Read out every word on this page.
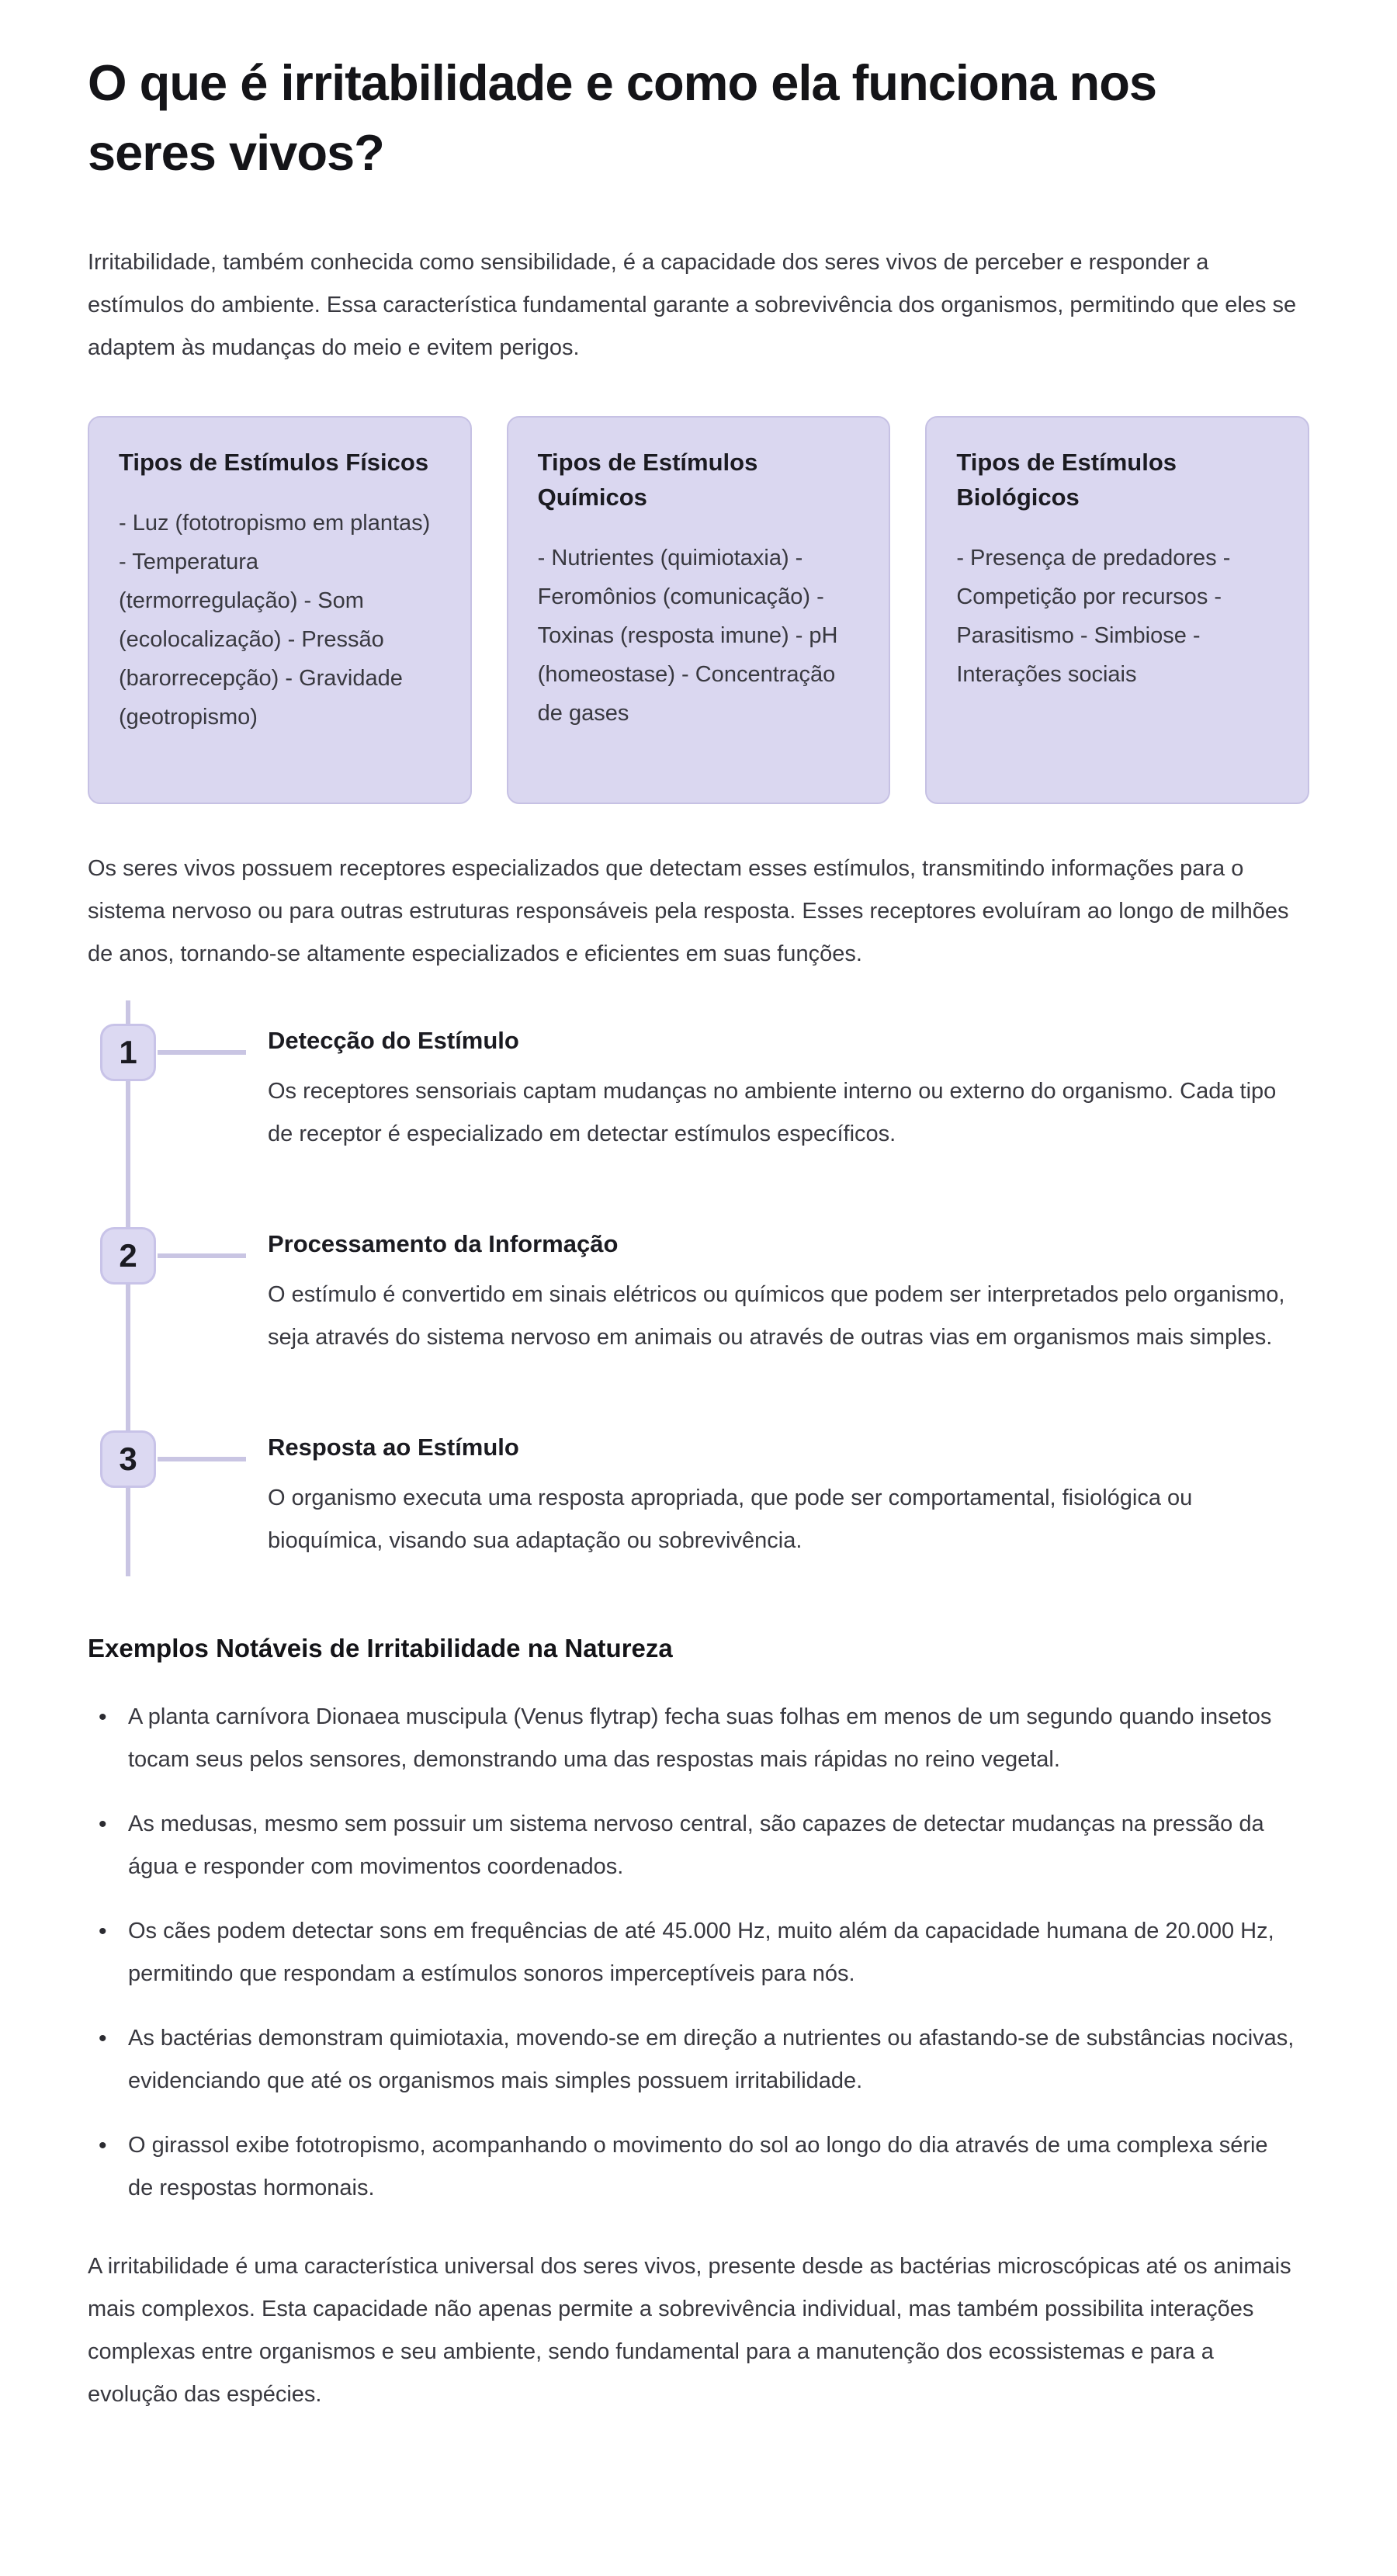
O que é irritabilidade e como ela funciona nos seres vivos?

Irritabilidade, também conhecida como sensibilidade, é a capacidade dos seres vivos de perceber e responder a estímulos do ambiente. Essa característica fundamental garante a sobrevivência dos organismos, permitindo que eles se adaptem às mudanças do meio e evitem perigos.

Tipos de Estímulos Físicos

- Luz (fototropismo em plantas) - Temperatura (termorregulação) - Som (ecolocalização) - Pressão (barorrecepção) - Gravidade (geotropismo)

Tipos de Estímulos Químicos

- Nutrientes (quimiotaxia) - Feromônios (comunicação) - Toxinas (resposta imune) - pH (homeostase) - Concentração de gases

Tipos de Estímulos Biológicos

- Presença de predadores - Competição por recursos - Parasitismo - Simbiose - Interações sociais

Os seres vivos possuem receptores especializados que detectam esses estímulos, transmitindo informações para o sistema nervoso ou para outras estruturas responsáveis pela resposta. Esses receptores evoluíram ao longo de milhões de anos, tornando-se altamente especializados e eficientes em suas funções.

1	Detecção do Estímulo
Os receptores sensoriais captam mudanças no ambiente interno ou externo do organismo. Cada tipo de receptor é especializado em detectar estímulos específicos.
2	Processamento da Informação
O estímulo é convertido em sinais elétricos ou químicos que podem ser interpretados pelo organismo, seja através do sistema nervoso em animais ou através de outras vias em organismos mais simples.
3	Resposta ao Estímulo
O organismo executa uma resposta apropriada, que pode ser comportamental, fisiológica ou bioquímica, visando sua adaptação ou sobrevivência.
Exemplos Notáveis de Irritabilidade na Natureza
• A planta carnívora Dionaea muscipula (Venus flytrap) fecha suas folhas em menos de um segundo quando insetos tocam seus pelos sensores, demonstrando uma das respostas mais rápidas no reino vegetal.
• As medusas, mesmo sem possuir um sistema nervoso central, são capazes de detectar mudanças na pressão da água e responder com movimentos coordenados.
• Os cães podem detectar sons em frequências de até 45.000 Hz, muito além da capacidade humana de 20.000 Hz, permitindo que respondam a estímulos sonoros imperceptíveis para nós.
• As bactérias demonstram quimiotaxia, movendo-se em direção a nutrientes ou afastando-se de substâncias nocivas, evidenciando que até os organismos mais simples possuem irritabilidade.
• O girassol exibe fototropismo, acompanhando o movimento do sol ao longo do dia através de uma complexa série de respostas hormonais.

A irritabilidade é uma característica universal dos seres vivos, presente desde as bactérias microscópicas até os animais mais complexos. Esta capacidade não apenas permite a sobrevivência individual, mas também possibilita interações complexas entre organismos e seu ambiente, sendo fundamental para a manutenção dos ecossistemas e para a evolução das espécies.
